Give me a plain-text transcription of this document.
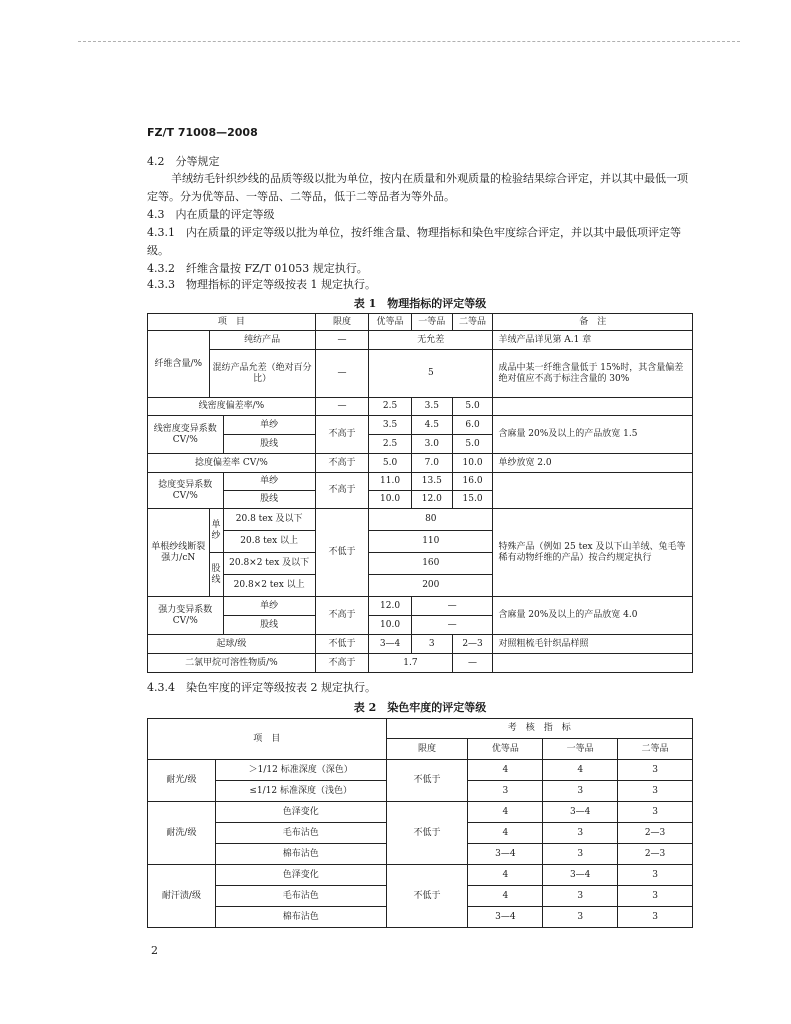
FZ/T 71008—2008
4.2　分等规定
羊绒纺毛针织纱线的品质等级以批为单位，按内在质量和外观质量的检验结果综合评定，并以其中最低一项定等。分为优等品、一等品、二等品，低于二等品者为等外品。
4.3　内在质量的评定等级
4.3.1　内在质量的评定等级以批为单位，按纤维含量、物理指标和染色牢度综合评定，并以其中最低项评定等级。
4.3.2　纤维含量按 FZ/T 01053 规定执行。
4.3.3　物理指标的评定等级按表 1 规定执行。
表 1　物理指标的评定等级
项　目			限度	优等品	一等品	二等品	备　注
纤维含量/%	纯纺产品		—	无允差			羊绒产品详见第 A.1 章
	混纺产品允差（绝对百分比）		—	5			成品中某一纤维含量低于 15%时，其含量偏差绝对值应不高于标注含量的 30%
线密度偏差率/%			—	2.5	3.5	5.0	
线密度变异系数 CV/%		单纱	不高于	3.5	4.5	6.0	含麻量 20%及以上的产品放宽 1.5
		股线		2.5	3.0	5.0	
捻度偏差率 CV/%			不高于	5.0	7.0	10.0	单纱放宽 2.0
捻度变异系数 CV/%		单纱	不高于	11.0	13.5	16.0	
		股线		10.0	12.0	15.0	
单根纱线断裂强力/cN	单纱	20.8 tex 及以下	不低于	80			特殊产品（例如 25 tex 及以下山羊绒、兔毛等稀有动物纤维的产品）按合约规定执行
		20.8 tex 以上		110			
	股线	20.8×2 tex 及以下		160			
		20.8×2 tex 以上		200			
强力变异系数 CV/%		单纱	不高于	12.0	—		含麻量 20%及以上的产品放宽 4.0
		股线		10.0	—		
起球/级			不低于	3—4	3	2—3	对照粗梳毛针织品样照
二氯甲烷可溶性物质/%			不高于	1.7		—	
4.3.4　染色牢度的评定等级按表 2 规定执行。
表 2　染色牢度的评定等级
项　目		考　核　指　标			
		限度	优等品	一等品	二等品
耐光/级	＞1/12 标准深度（深色）	不低于	4	4	3
	≤1/12 标准深度（浅色）		3	3	3
耐洗/级	色泽变化	不低于	4	3—4	3
	毛布沾色		4	3	2—3
	棉布沾色		3—4	3	2—3
耐汗渍/级	色泽变化	不低于	4	3—4	3
	毛布沾色		4	3	3
	棉布沾色		3—4	3	3
2
